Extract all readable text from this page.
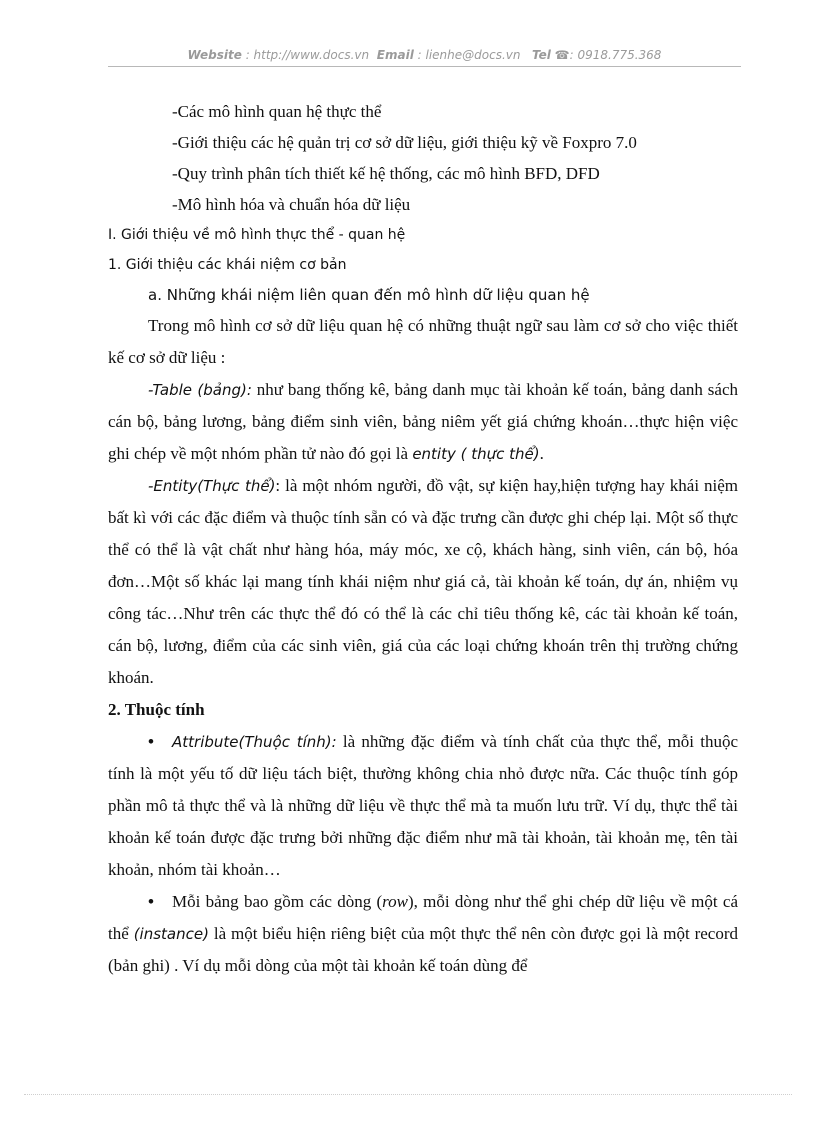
Website : http://www.docs.vn Email : lienhe@docs.vn Tel ☎: 0918.775.368
-Các mô hình quan hệ thực thể
-Giới thiệu các hệ quản trị cơ sở dữ liệu, giới thiệu kỹ về Foxpro 7.0
-Quy trình phân tích thiết kế hệ thống, các mô hình BFD, DFD
-Mô hình hóa và chuẩn hóa dữ liệu
I. Giới thiệu về mô hình thực thể - quan hệ
1. Giới thiệu các khái niệm cơ bản
a. Những khái niệm liên quan đến mô hình dữ liệu quan hệ

Trong mô hình cơ sở dữ liệu quan hệ có những thuật ngữ sau làm cơ sở cho việc thiết kế cơ sở dữ liệu :

-Table (bảng): như bang thống kê, bảng danh mục tài khoản kế toán, bảng danh sách cán bộ, bảng lương, bảng điểm sinh viên, bảng niêm yết giá chứng khoán…thực hiện việc ghi chép về một nhóm phần tử nào đó gọi là entity ( thực thể).

-Entity(Thực thể): là một nhóm người, đồ vật, sự kiện hay,hiện tượng hay khái niệm bất kì với các đặc điểm và thuộc tính sẵn có và đặc trưng cần được ghi chép lại. Một số thực thể có thể là vật chất như hàng hóa, máy móc, xe cộ, khách hàng, sinh viên, cán bộ, hóa đơn…Một số khác lại mang tính khái niệm như giá cả, tài khoản kế toán, dự án, nhiệm vụ công tác…Như trên các thực thể đó có thể là các chỉ tiêu thống kê, các tài khoản kế toán, cán bộ, lương, điểm của các sinh viên, giá của các loại chứng khoán trên thị trường chứng khoán.

2. Thuộc tính

• Attribute(Thuộc tính): là những đặc điểm và tính chất của thực thể, mỗi thuộc tính là một yếu tố dữ liệu tách biệt, thường không chia nhỏ được nữa. Các thuộc tính góp phần mô tả thực thể và là những dữ liệu về thực thể mà ta muốn lưu trữ. Ví dụ, thực thể tài khoản kế toán được đặc trưng bởi những đặc điểm như mã tài khoản, tài khoản mẹ, tên tài khoản, nhóm tài khoản…

• Mỗi bảng bao gồm các dòng (row), mỗi dòng như thể ghi chép dữ liệu về một cá thể (instance) là một biểu hiện riêng biệt của một thực thể nên còn được gọi là một record (bản ghi) . Ví dụ mỗi dòng của một tài khoản kế toán dùng để
